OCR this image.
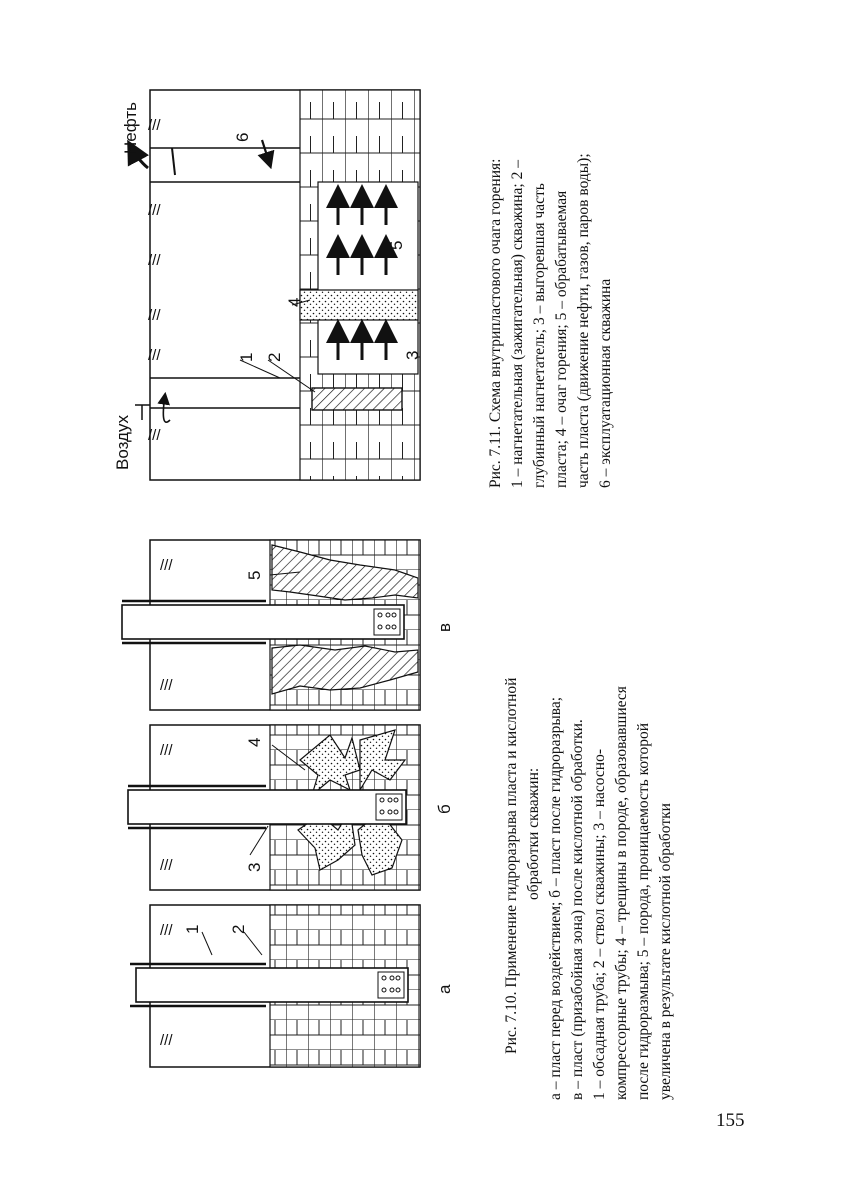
///
///
1 2
а
///
///	3
4
б
///
///
5
в
Рис. 7.10. Применение гидроразрыва пласта и кислотной обработки скважин: а – пласт перед воздействием; б – пласт после гидроразрыва; в – пласт (призабойная зона) после кислотной обработки. 1 – обсадная труба; 2 – ствол скважины; 3 – насосно- компрессорные трубы; 4 – трещины в породе, образовавшиеся после гидроразмыва; 5 – порода, проницаемость которой увеличена в результате кислотной обработки
///
///
///
///
///
///
Воздух
Нефть
1 2	3
4
5
6
Рис. 7.11. Схема внутрипластового очага горения: 1 – нагнетательная (зажигательная) скважина; 2 – глубинный нагнетатель; 3 – выгоревшая часть пласта; 4 – очаг горения; 5 – обрабатываемая часть пласта (движение нефти, газов, паров воды); 6 – эксплуатационная скважина
155
